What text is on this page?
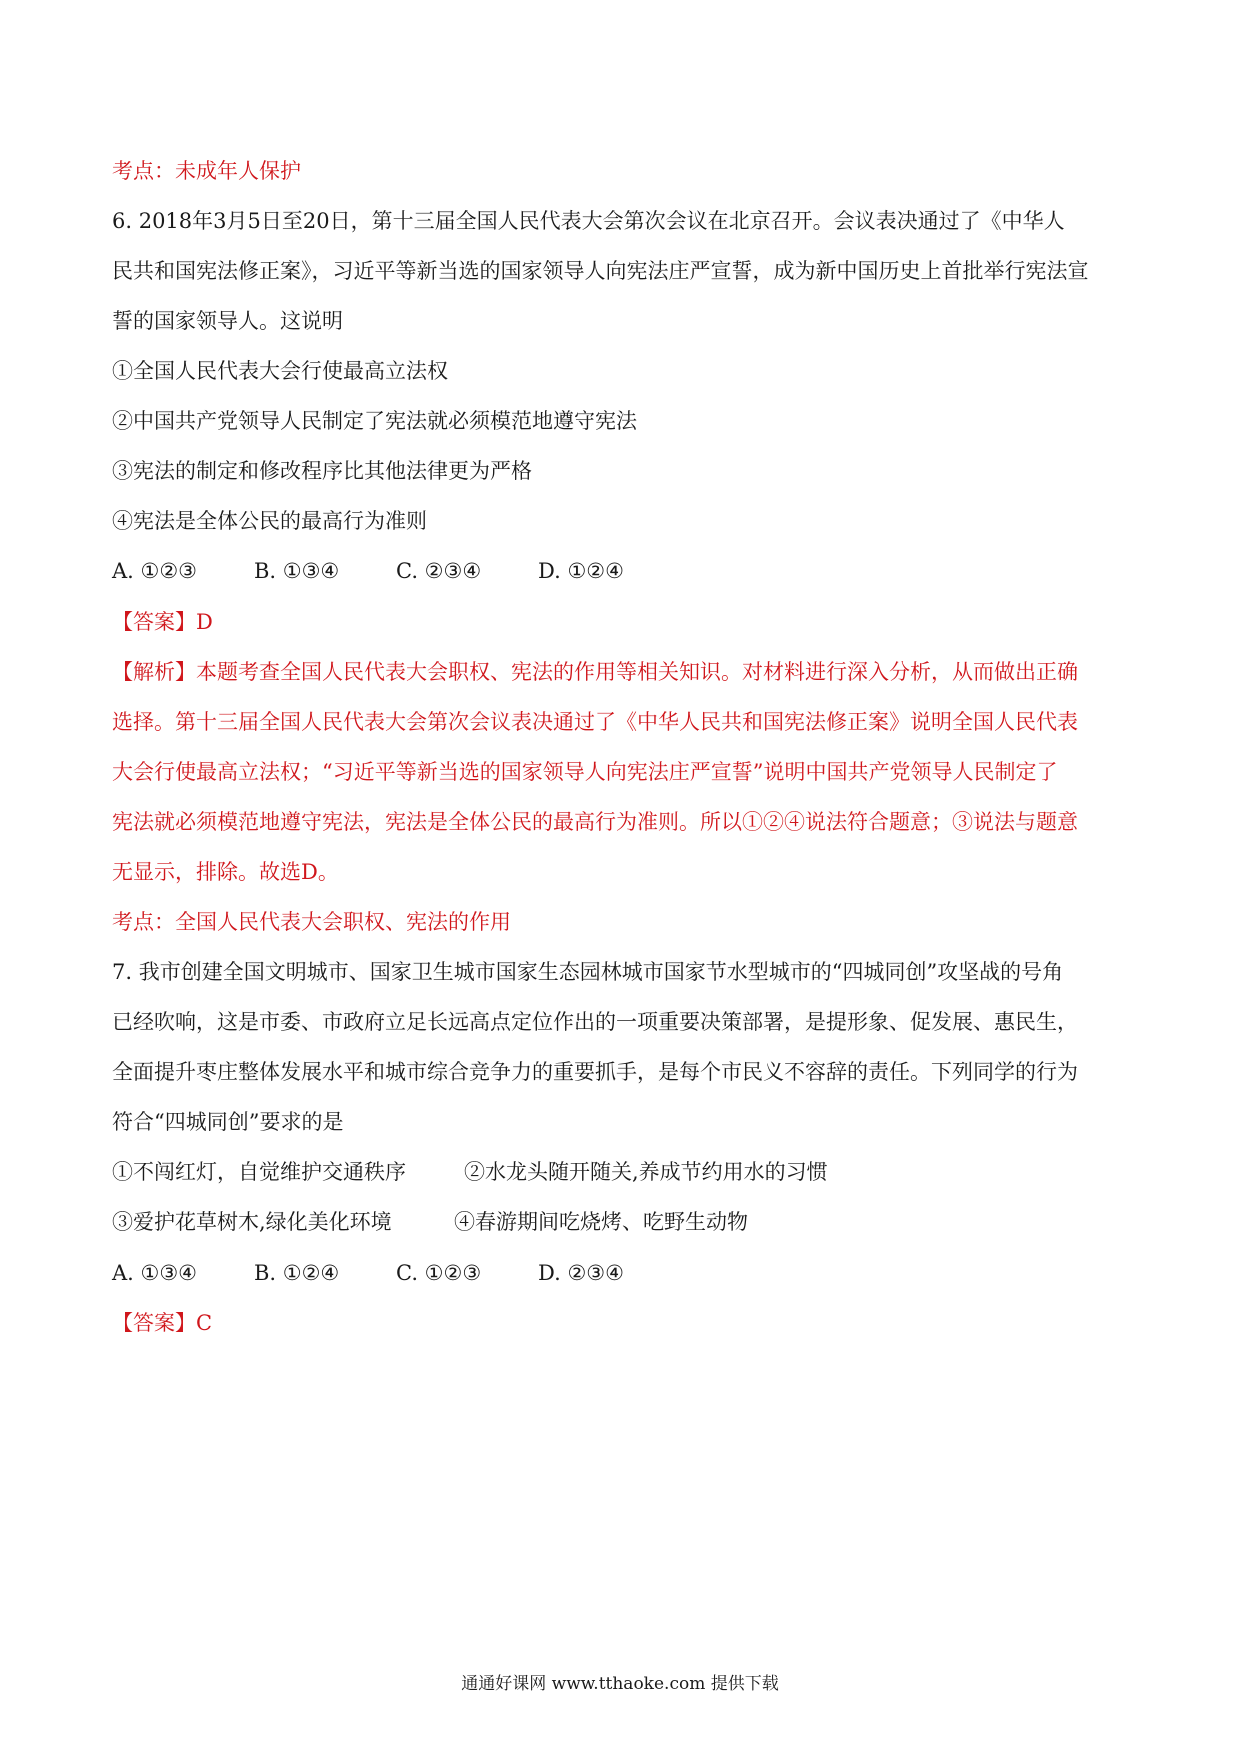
考点：未成年人保护
6. 2018年3月5日至20日，第十三届全国人民代表大会第次会议在北京召开。会议表决通过了《中华人
民共和国宪法修正案》，习近平等新当选的国家领导人向宪法庄严宣誓，成为新中国历史上首批举行宪法宣
誓的国家领导人。这说明
①全国人民代表大会行使最高立法权
②中国共产党领导人民制定了宪法就必须模范地遵守宪法
③宪法的制定和修改程序比其他法律更为严格
④宪法是全体公民的最高行为准则
A. ①②③	B. ①③④	C. ②③④	D. ①②④
【答案】D
【解析】本题考查全国人民代表大会职权、宪法的作用等相关知识。对材料进行深入分析，从而做出正确
选择。第十三届全国人民代表大会第次会议表决通过了《中华人民共和国宪法修正案》说明全国人民代表
大会行使最高立法权；“习近平等新当选的国家领导人向宪法庄严宣誓”说明中国共产党领导人民制定了
宪法就必须模范地遵守宪法，宪法是全体公民的最高行为准则。所以①②④说法符合题意；③说法与题意
无显示，排除。故选D。
考点：全国人民代表大会职权、宪法的作用
7. 我市创建全国文明城市、国家卫生城市国家生态园林城市国家节水型城市的“四城同创”攻坚战的号角
已经吹响，这是市委、市政府立足长远高点定位作出的一项重要决策部署，是提形象、促发展、惠民生，
全面提升枣庄整体发展水平和城市综合竞争力的重要抓手，是每个市民义不容辞的责任。下列同学的行为
符合“四城同创”要求的是
①不闯红灯，自觉维护交通秩序	②水龙头随开随关,养成节约用水的习惯
③爱护花草树木,绿化美化环境	④春游期间吃烧烤、吃野生动物
A. ①③④	B. ①②④	C. ①②③	D. ②③④
【答案】C
通通好课网 www.tthaoke.com 提供下载
